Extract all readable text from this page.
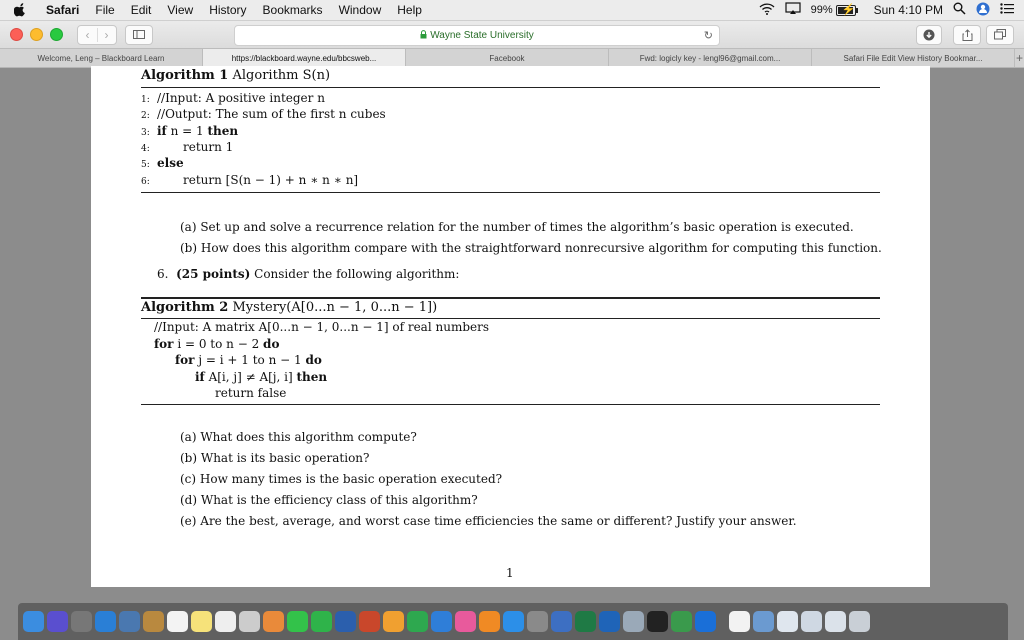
Safari	File	Edit	View	History	Bookmarks	Window	Help	99% ⚡ Sun 4:10 PM
‹	›	Wayne State University	↻
Welcome, Leng – Blackboard Learn	https://blackboard.wayne.edu/bbcsweb...	Facebook	Fwd: logicly key - lengl96@gmail.com...	Safari File Edit View History Bookmar...	+
Algorithm 1 Algorithm S(n)
1: //Input: A positive integer n
2: //Output: The sum of the first n cubes
3: if n = 1 then
4:	return 1
5: else
6:	return [S(n − 1) + n ∗ n ∗ n]
(a) Set up and solve a recurrence relation for the number of times the algorithm’s basic operation is executed.
(b) How does this algorithm compare with the straightforward nonrecursive algorithm for computing this function.
6. (25 points) Consider the following algorithm:
Algorithm 2 Mystery(A[0...n − 1, 0...n − 1])
//Input: A matrix A[0...n − 1, 0...n − 1] of real numbers
for i = 0 to n − 2 do
for j = i + 1 to n − 1 do
if A[i, j] ≠ A[j, i] then
return false
(a) What does this algorithm compute?
(b) What is its basic operation?
(c) How many times is the basic operation executed?
(d) What is the efficiency class of this algorithm?
(e) Are the best, average, and worst case time efficiencies the same or different? Justify your answer.
1
